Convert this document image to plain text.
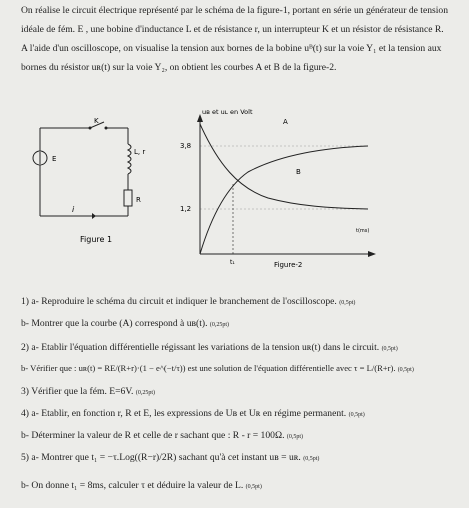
On réalise le circuit électrique représenté par le schéma de la figure-1, portant en série un générateur de tension
idéale de fém. E , une bobine d'inductance L et de résistance r, un interrupteur K et un résistor de résistance R.
A l'aide d'un oscilloscope, on visualise la tension aux bornes de la bobine uᴮ(t) sur la voie Y₁ et la tension aux
bornes du résistor uʀ(t) sur la voie Y₂, on obtient les courbes A et B de la figure-2.
K
L, r
E
R
i
Figure 1
uʙ et uʟ en Volt
A
B
3,8
1,2
t(ms)
t₁	Figure-2
1) a- Reproduire le schéma du circuit et indiquer le branchement de l'oscilloscope. (0,5pt)
b- Montrer que la courbe (A) correspond à uʙ(t). (0,25pt)
2) a- Etablir l'équation différentielle régissant les variations de la tension uʀ(t) dans le circuit. (0,5pt)
b- Vérifier que : uʀ(t) = RE/(R+r)·(1 − e^(−t/τ)) est une solution de l'équation différentielle avec τ = L/(R+r). (0,5pt)
3) Vérifier que la fém. E=6V. (0,25pt)
4) a- Etablir, en fonction r, R et E, les expressions de Uʙ et Uʀ en régime permanent. (0,5pt)
b- Déterminer la valeur de R et celle de r sachant que : R - r = 100Ω. (0,5pt)
5) a- Montrer que t₁ = −τ.Log((R−r)/2R) sachant qu'à cet instant uʙ = uʀ. (0,5pt)
b- On donne t₁ = 8ms, calculer τ et déduire la valeur de L. (0,5pt)
